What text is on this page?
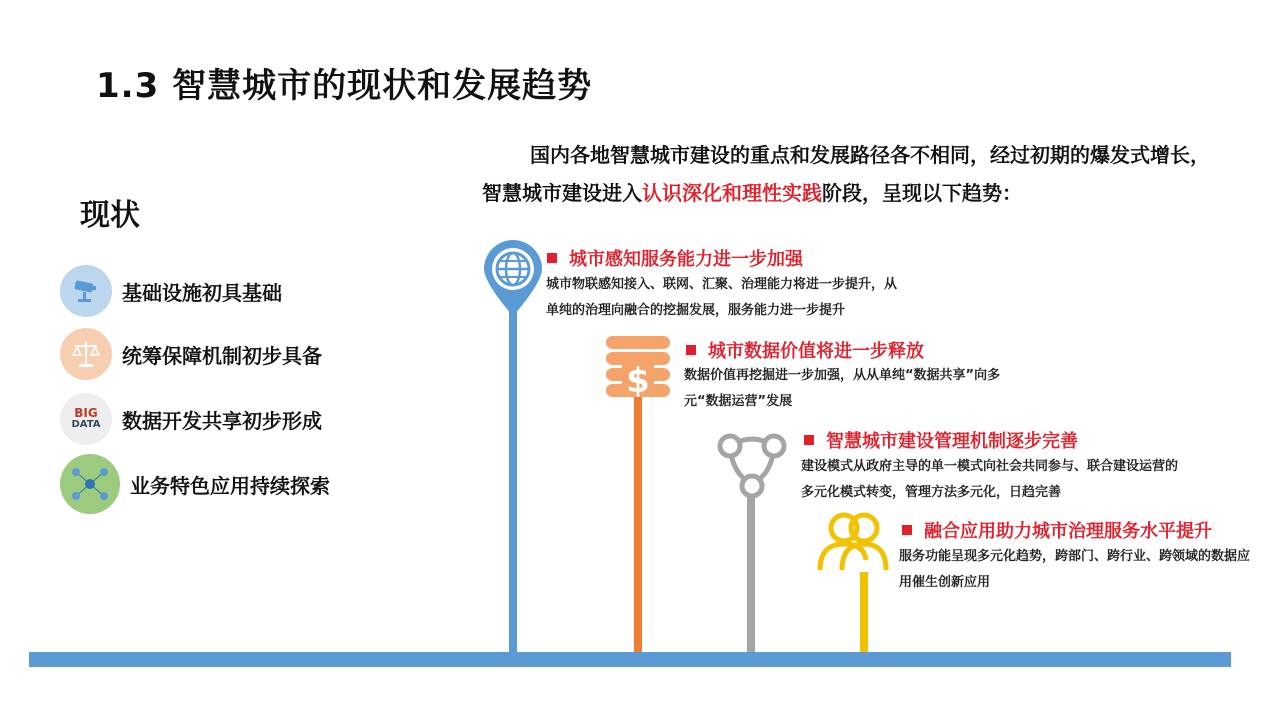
1.3 智慧城市的现状和发展趋势
现状
基础设施初具基础
统筹保障机制初步具备
BIG
DATA 数据开发共享初步形成
业务特色应用持续探索
国内各地智慧城市建设的重点和发展路径各不相同，经过初期的爆发式增长，
智慧城市建设进入认识深化和理性实践阶段，呈现以下趋势：
$
城市感知服务能力进一步加强
城市物联感知接入、联网、汇聚、治理能力将进一步提升，从
单纯的治理向融合的挖掘发展，服务能力进一步提升
城市数据价值将进一步释放
数据价值再挖掘进一步加强，从从单纯“数据共享”向多
元“数据运营”发展
智慧城市建设管理机制逐步完善
建设模式从政府主导的单一模式向社会共同参与、联合建设运营的
多元化模式转变，管理方法多元化，日趋完善
融合应用助力城市治理服务水平提升
服务功能呈现多元化趋势，跨部门、跨行业、跨领域的数据应
用催生创新应用
